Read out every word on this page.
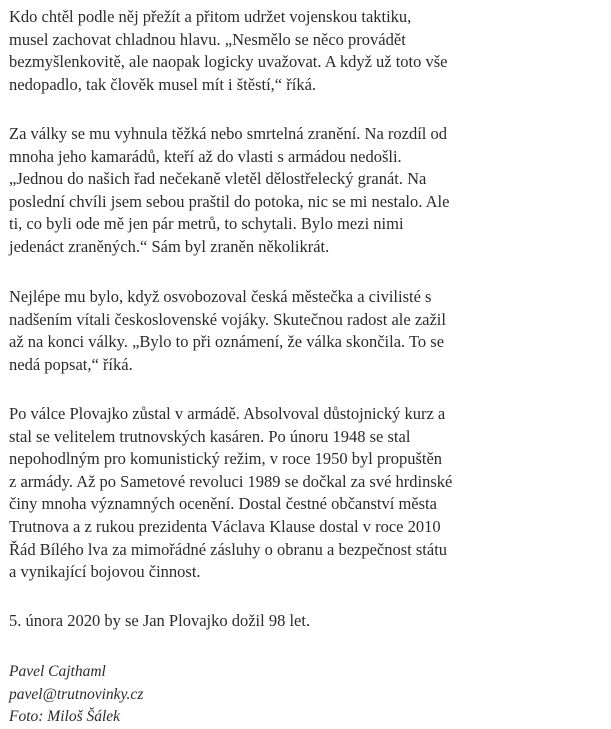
Kdo chtěl podle něj přežít a přitom udržet vojenskou taktiku,
musel zachovat chladnou hlavu. „Nesmělo se něco provádět
bezmyšlenkovitě, ale naopak logicky uvažovat. A když už toto vše
nedopadlo, tak člověk musel mít i štěstí,“ říká.

Za války se mu vyhnula těžká nebo smrtelná zranění. Na rozdíl od
mnoha jeho kamarádů, kteří až do vlasti s armádou nedošli.
„Jednou do našich řad nečekaně vletěl dělostřelecký granát. Na
poslední chvíli jsem sebou praštil do potoka, nic se mi nestalo. Ale
ti, co byli ode mě jen pár metrů, to schytali. Bylo mezi nimi
jedenáct zraněných.“ Sám byl zraněn několikrát.

Nejlépe mu bylo, když osvobozoval česká městečka a civilisté s
nadšením vítali československé vojáky. Skutečnou radost ale zažil
až na konci války. „Bylo to při oznámení, že válka skončila. To se
nedá popsat,“ říká.

Po válce Plovajko zůstal v armádě. Absolvoval důstojnický kurz a
stal se velitelem trutnovských kasáren. Po únoru 1948 se stal
nepohodlným pro komunistický režim, v roce 1950 byl propuštěn
z armády. Až po Sametové revoluci 1989 se dočkal za své hrdinské
činy mnoha významných ocenění. Dostal čestné občanství města
Trutnova a z rukou prezidenta Václava Klause dostal v roce 2010
Řád Bílého lva za mimořádné zásluhy o obranu a bezpečnost státu
a vynikající bojovou činnost.

5. února 2020 by se Jan Plovajko dožil 98 let.

Pavel Cajthaml
pavel@trutnovinky.cz
Foto: Miloš Šálek
